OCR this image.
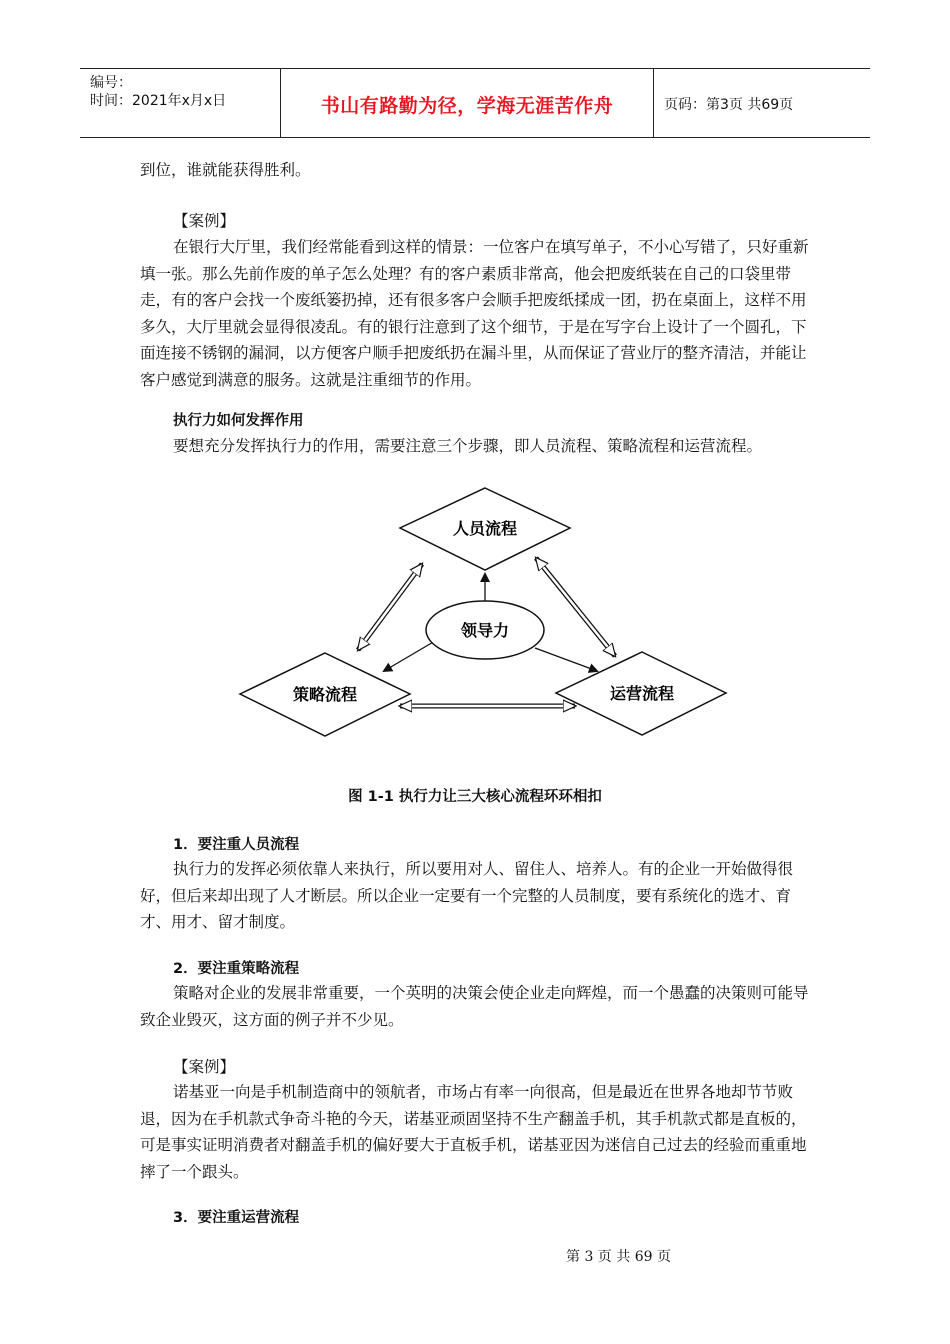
编号：
时间：2021年x月x日	书山有路勤为径，学海无涯苦作舟	页码：第3页 共69页
到位，谁就能获得胜利。
【案例】
在银行大厅里，我们经常能看到这样的情景：一位客户在填写单子，不小心写错了，只好重新填一张。那么先前作废的单子怎么处理？有的客户素质非常高，他会把废纸装在自己的口袋里带走，有的客户会找一个废纸篓扔掉，还有很多客户会顺手把废纸揉成一团，扔在桌面上，这样不用多久，大厅里就会显得很凌乱。有的银行注意到了这个细节，于是在写字台上设计了一个圆孔，下面连接不锈钢的漏洞，以方便客户顺手把废纸扔在漏斗里，从而保证了营业厅的整齐清洁，并能让客户感觉到满意的服务。这就是注重细节的作用。
执行力如何发挥作用
要想充分发挥执行力的作用，需要注意三个步骤，即人员流程、策略流程和运营流程。
人员流程
策略流程	运营流程
领导力
图 1-1 执行力让三大核心流程环环相扣
1．要注重人员流程
执行力的发挥必须依靠人来执行，所以要用对人、留住人、培养人。有的企业一开始做得很好，但后来却出现了人才断层。所以企业一定要有一个完整的人员制度，要有系统化的选才、育才、用才、留才制度。
2．要注重策略流程
策略对企业的发展非常重要，一个英明的决策会使企业走向辉煌，而一个愚蠢的决策则可能导致企业毁灭，这方面的例子并不少见。
【案例】
诺基亚一向是手机制造商中的领航者，市场占有率一向很高，但是最近在世界各地却节节败退，因为在手机款式争奇斗艳的今天，诺基亚顽固坚持不生产翻盖手机，其手机款式都是直板的，可是事实证明消费者对翻盖手机的偏好要大于直板手机，诺基亚因为迷信自己过去的经验而重重地摔了一个跟头。
3．要注重运营流程
第 3 页 共 69 页
